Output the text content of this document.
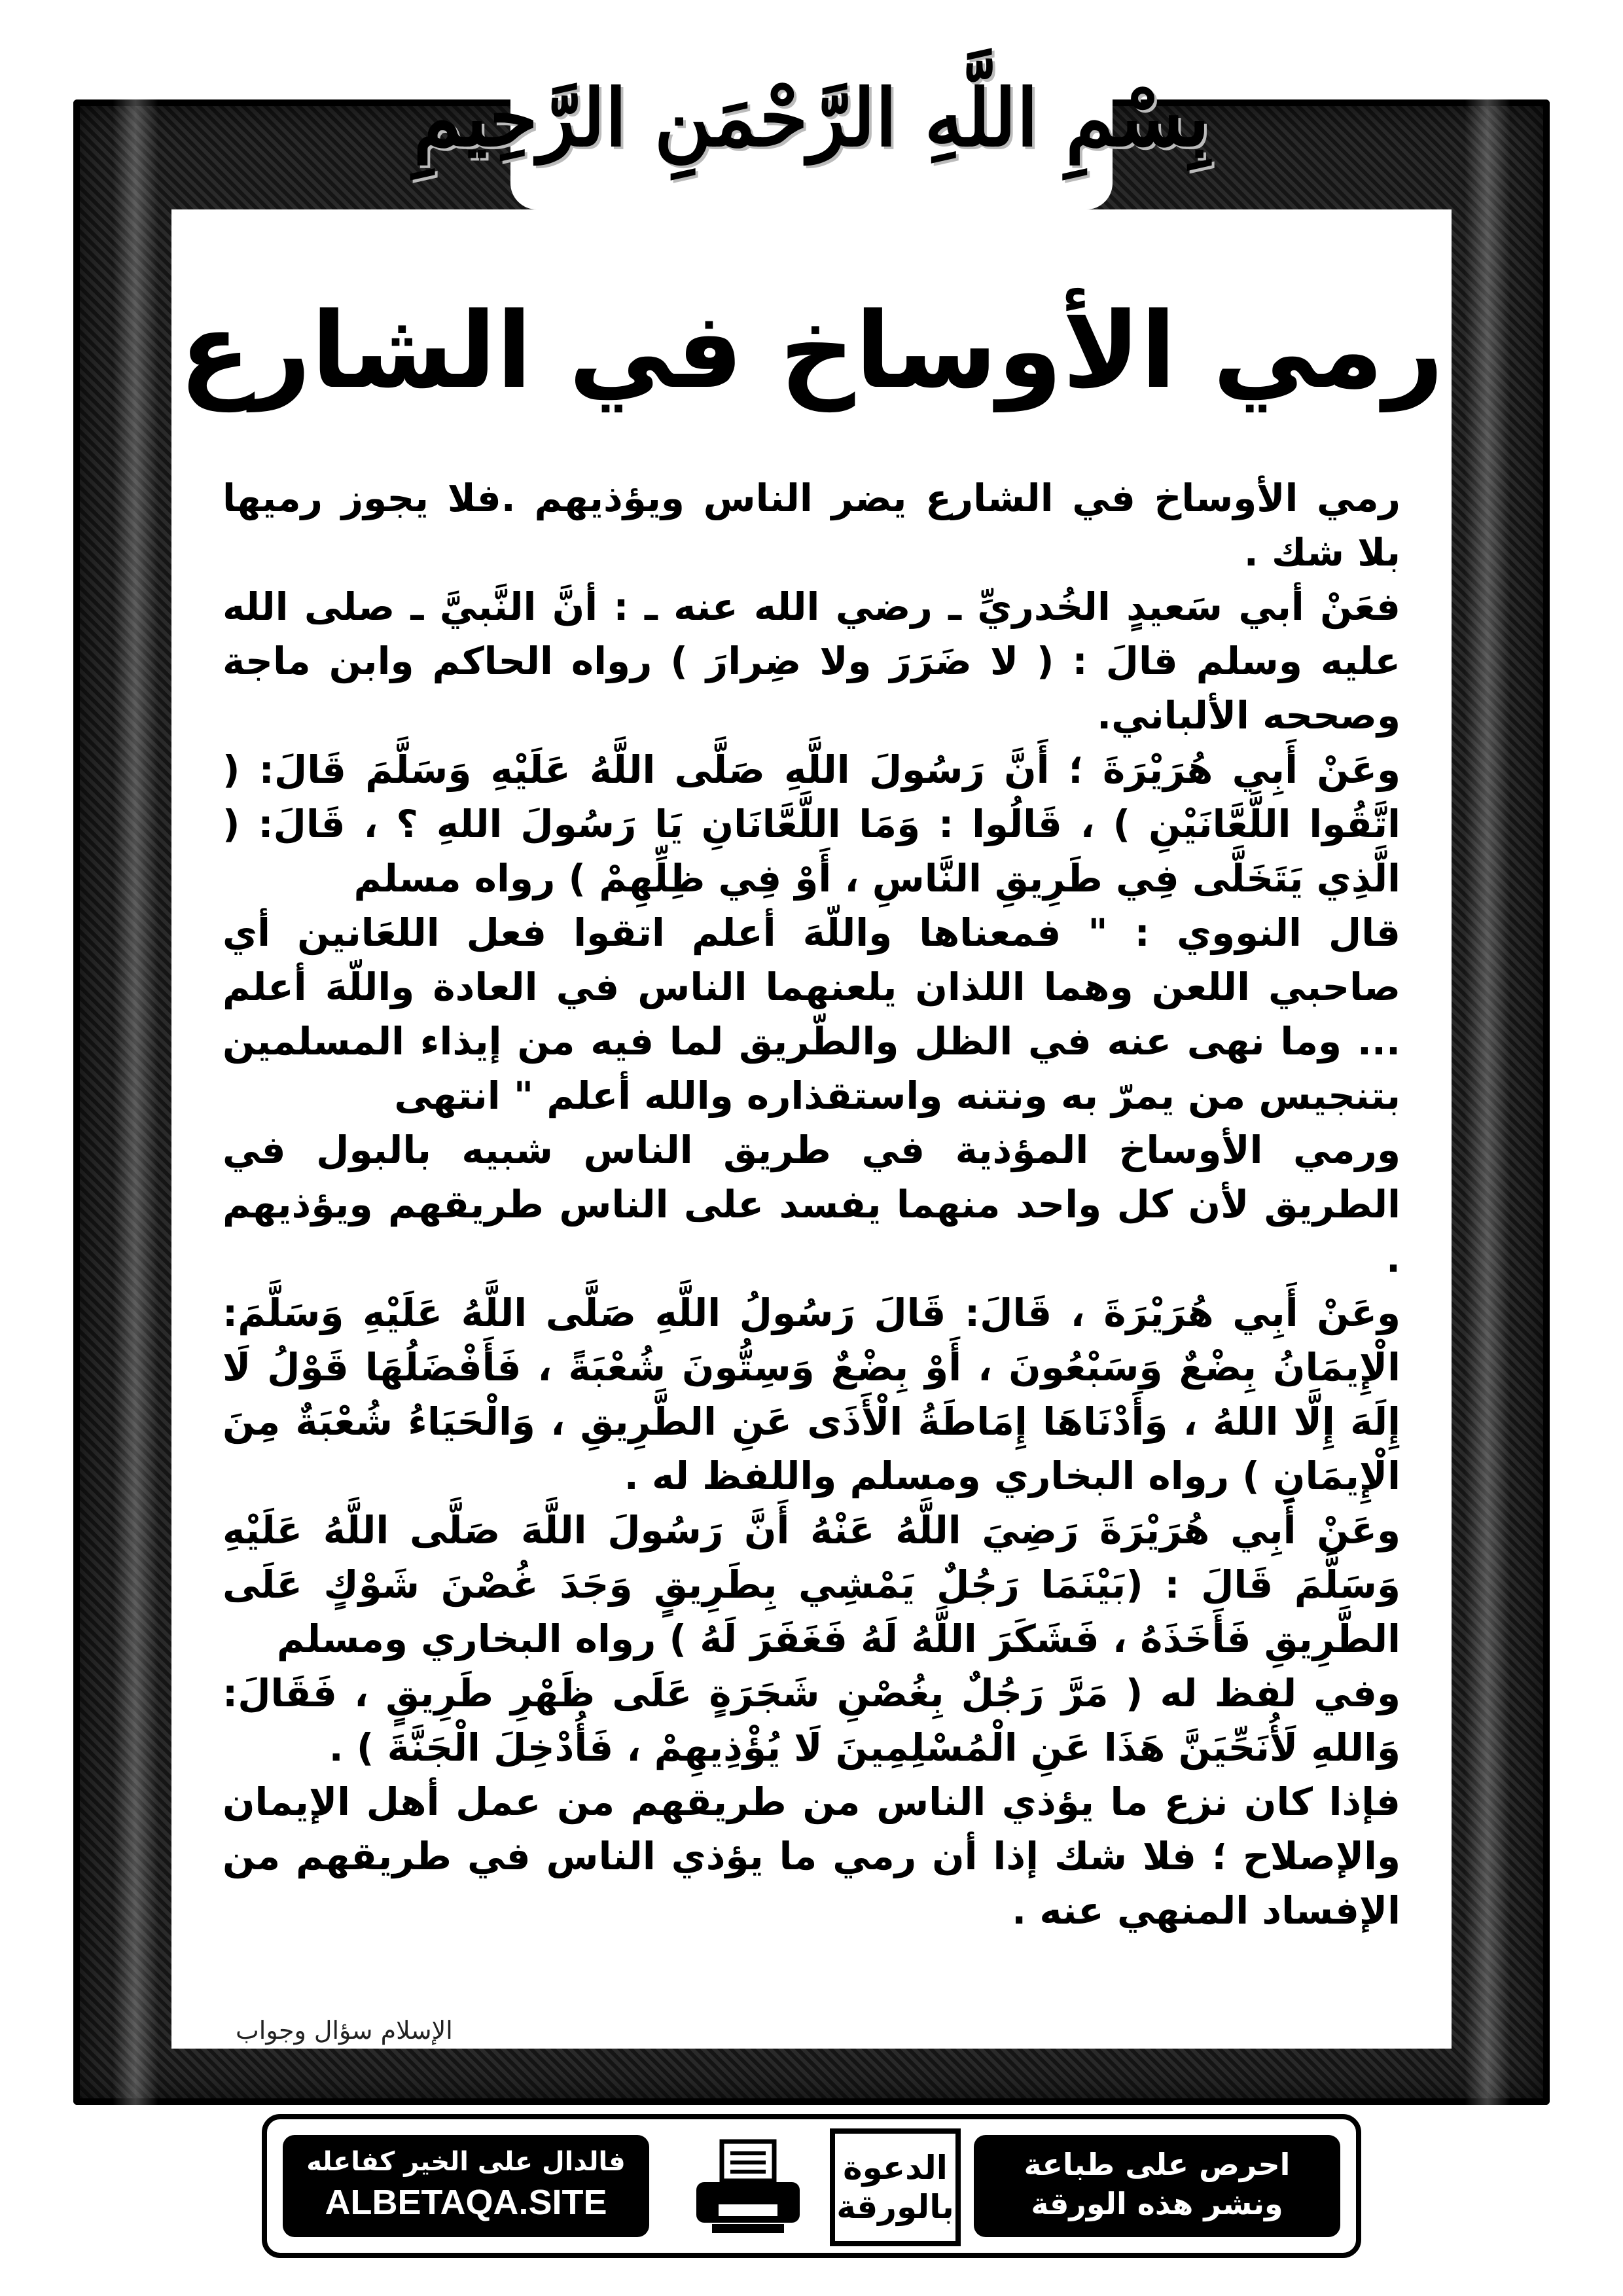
بِسْمِ اللَّهِ الرَّحْمَنِ الرَّحِيمِ
رمي الأوساخ في الشارع

رمي الأوساخ في الشارع يضر الناس ويؤذيهم .فلا يجوز رميها بلا شك .

فعَنْ أبي سَعيدٍ الخُدريِّ ـ رضي الله عنه ـ : أنَّ النَّبيَّ ـ صلى الله عليه وسلم قالَ : ( لا ضَرَرَ ولا ضِرارَ ) رواه الحاكم وابن ماجة وصححه الألباني.

وعَنْ أَبِي هُرَيْرَةَ ؛ أَنَّ رَسُولَ اللَّهِ صَلَّى اللَّهُ عَلَيْهِ وَسَلَّمَ قَالَ: ( اتَّقُوا اللَّعَّانَيْنِ ) ، قَالُوا : وَمَا اللَّعَّانَانِ يَا رَسُولَ اللهِ ؟ ، قَالَ: ( الَّذِي يَتَخَلَّى فِي طَرِيقِ النَّاسِ ، أَوْ فِي ظِلِّهِمْ ) رواه مسلم

قال النووي : " فمعناها واللّهَ أعلم اتقوا فعل اللعَانين أي صاحبي اللعن وهما اللذان يلعنهما الناس في العادة واللّهَ أعلم ... وما نهى عنه في الظل والطّريق لما فيه من إيذاء المسلمين بتنجيس من يمرّ به ونتنه واستقذاره والله أعلم " انتهى

ورمي الأوساخ المؤذية في طريق الناس شبيه بالبول في الطريق لأن كل واحد منهما يفسد على الناس طريقهم ويؤذيهم .

وعَنْ أَبِي هُرَيْرَةَ ، قَالَ: قَالَ رَسُولُ اللَّهِ صَلَّى اللَّهُ عَلَيْهِ وَسَلَّمَ: الْإِيمَانُ بِضْعٌ وَسَبْعُونَ ، أَوْ بِضْعٌ وَسِتُّونَ شُعْبَةً ، فَأَفْضَلُهَا قَوْلُ لَا إِلَهَ إِلَّا اللهُ ، وَأَدْنَاهَا إِمَاطَةُ الْأَذَى عَنِ الطَّرِيقِ ، وَالْحَيَاءُ شُعْبَةٌ مِنَ الْإِيمَانِ ) رواه البخاري ومسلم واللفظ له .

وعَنْ أَبِي هُرَيْرَةَ رَضِيَ اللَّهُ عَنْهُ أَنَّ رَسُولَ اللَّهَ صَلَّى اللَّهُ عَلَيْهِ وَسَلَّمَ قَالَ : (بَيْنَمَا رَجُلٌ يَمْشِي بِطَرِيقٍ وَجَدَ غُصْنَ شَوْكٍ عَلَى الطَّرِيقِ فَأَخَذَهُ ، فَشَكَرَ اللَّهُ لَهُ فَغَفَرَ لَهُ ) رواه البخاري ومسلم

وفي لفظ له ( مَرَّ رَجُلٌ بِغُصْنِ شَجَرَةٍ عَلَى ظَهْرِ طَرِيقٍ ، فَقَالَ: وَاللهِ لَأُنَحِّيَنَّ هَذَا عَنِ الْمُسْلِمِينَ لَا يُؤْذِيهِمْ ، فَأُدْخِلَ الْجَنَّةَ ) .

فإذا كان نزع ما يؤذي الناس من طريقهم من عمل أهل الإيمان والإصلاح ؛ فلا شك إذا أن رمي ما يؤذي الناس في طريقهم من الإفساد المنهي عنه .

الإسلام سؤال وجواب
فالدال على الخير كفاعله
ALBETAQA.SITE
الدعوة
بالورقة
احرص على طباعة
ونشر هذه الورقة
